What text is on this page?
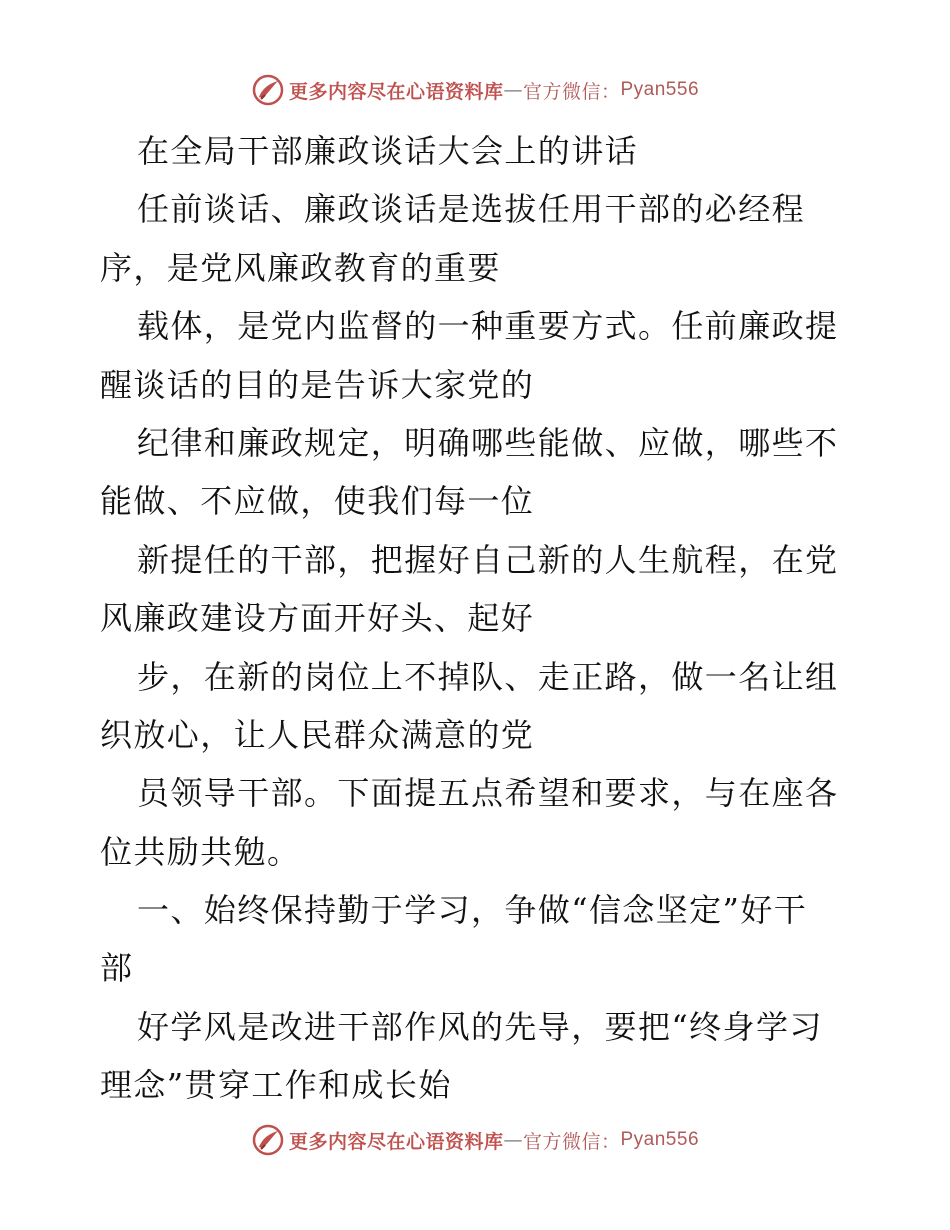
更多内容尽在心语资料库 — 官方微信： Pyan556
在全局干部廉政谈话大会上的讲话
任前谈话、廉政谈话是选拔任用干部的必经程
序，是党风廉政教育的重要
载体，是党内监督的一种重要方式。任前廉政提
醒谈话的目的是告诉大家党的
纪律和廉政规定，明确哪些能做、应做，哪些不
能做、不应做，使我们每一位
新提任的干部，把握好自己新的人生航程，在党
风廉政建设方面开好头、起好
步，在新的岗位上不掉队、走正路，做一名让组
织放心，让人民群众满意的党
员领导干部。下面提五点希望和要求，与在座各
位共励共勉。
一、始终保持勤于学习，争做“信念坚定”好干
部
好学风是改进干部作风的先导，要把“终身学习
理念”贯穿工作和成长始
更多内容尽在心语资料库 — 官方微信： Pyan556
